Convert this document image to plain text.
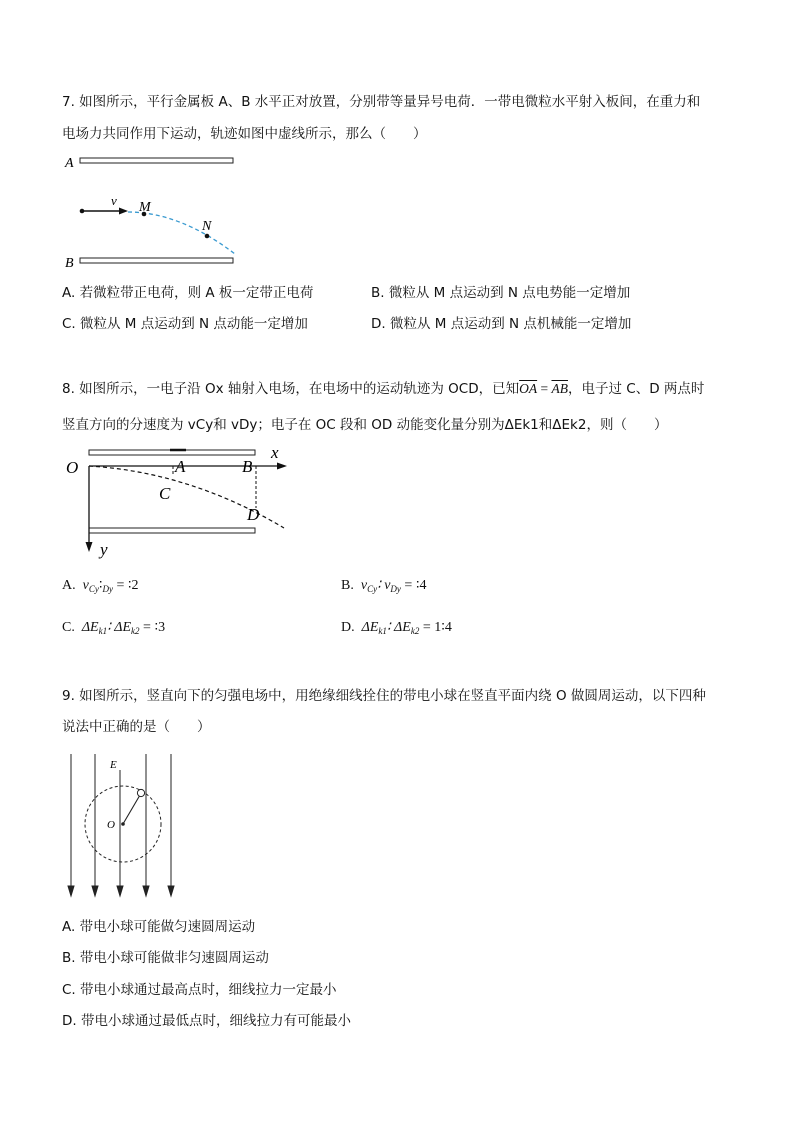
7. 如图所示，平行金属板 A、B 水平正对放置，分别带等量异号电荷．一带电微粒水平射入板间，在重力和
电场力共同作用下运动，轨迹如图中虚线所示，那么（　　）
A
B
v M
N
A. 若微粒带正电荷，则 A 板一定带正电荷	B. 微粒从 M 点运动到 N 点电势能一定增加
C. 微粒从 M 点运动到 N 点动能一定增加	D. 微粒从 M 点运动到 N 点机械能一定增加
8. 如图所示，一电子沿 Ox 轴射入电场，在电场中的运动轨迹为 OCD，已知$\overline{OA} = \overline{AB}$，电子过 C、D 两点时
竖直方向的分速度为 vCy和 vDy；电子在 OC 段和 OD 动能变化量分别为ΔEk1和ΔEk2，则（　　）
O	A	B
x
C
D
y
A. $v_{Cy}∶_{Dy}$ = ∶2	B. $v_{Cy}∶$ $v_{Dy}$ = ∶4
C. $\Delta E_{k1}∶$ $\Delta E_{k2}$ = ∶3	D. $\Delta E_{k1}∶$ $\Delta E_{k2}$ = 1∶4
9. 如图所示，竖直向下的匀强电场中，用绝缘细线拴住的带电小球在竖直平面内绕 O 做圆周运动，以下四种
说法中正确的是（　　）
E
O
A. 带电小球可能做匀速圆周运动
B. 带电小球可能做非匀速圆周运动
C. 带电小球通过最高点时，细线拉力一定最小
D. 带电小球通过最低点时，细线拉力有可能最小
